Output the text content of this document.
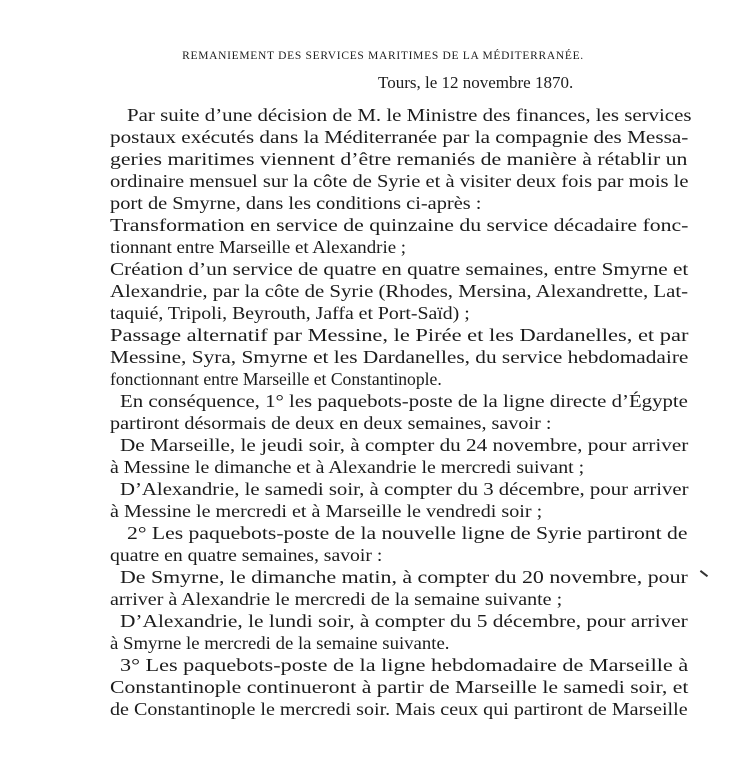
REMANIEMENT DES SERVICES MARITIMES DE LA MÉDITERRANÉE.
Tours, le 12 novembre 1870.
Par suite d’une décision de M. le Ministre des finances, les services
postaux exécutés dans la Méditerranée par la compagnie des Messa-
geries maritimes viennent d’être remaniés de manière à rétablir un
ordinaire mensuel sur la côte de Syrie et à visiter deux fois par mois le
port de Smyrne, dans les conditions ci-après :
Transformation en service de quinzaine du service décadaire fonc-
tionnant entre Marseille et Alexandrie ;
Création d’un service de quatre en quatre semaines, entre Smyrne et
Alexandrie, par la côte de Syrie (Rhodes, Mersina, Alexandrette, Lat-
taquié, Tripoli, Beyrouth, Jaffa et Port-Saïd) ;
Passage alternatif par Messine, le Pirée et les Dardanelles, et par
Messine, Syra, Smyrne et les Dardanelles, du service hebdomadaire
fonctionnant entre Marseille et Constantinople.
En conséquence, 1° les paquebots-poste de la ligne directe d’Égypte
partiront désormais de deux en deux semaines, savoir :
De Marseille, le jeudi soir, à compter du 24 novembre, pour arriver
à Messine le dimanche et à Alexandrie le mercredi suivant ;
D’Alexandrie, le samedi soir, à compter du 3 décembre, pour arriver
à Messine le mercredi et à Marseille le vendredi soir ;
2° Les paquebots-poste de la nouvelle ligne de Syrie partiront de
quatre en quatre semaines, savoir :
De Smyrne, le dimanche matin, à compter du 20 novembre, pour
arriver à Alexandrie le mercredi de la semaine suivante ;
D’Alexandrie, le lundi soir, à compter du 5 décembre, pour arriver
à Smyrne le mercredi de la semaine suivante.
3° Les paquebots-poste de la ligne hebdomadaire de Marseille à
Constantinople continueront à partir de Marseille le samedi soir, et
de Constantinople le mercredi soir. Mais ceux qui partiront de Marseille
